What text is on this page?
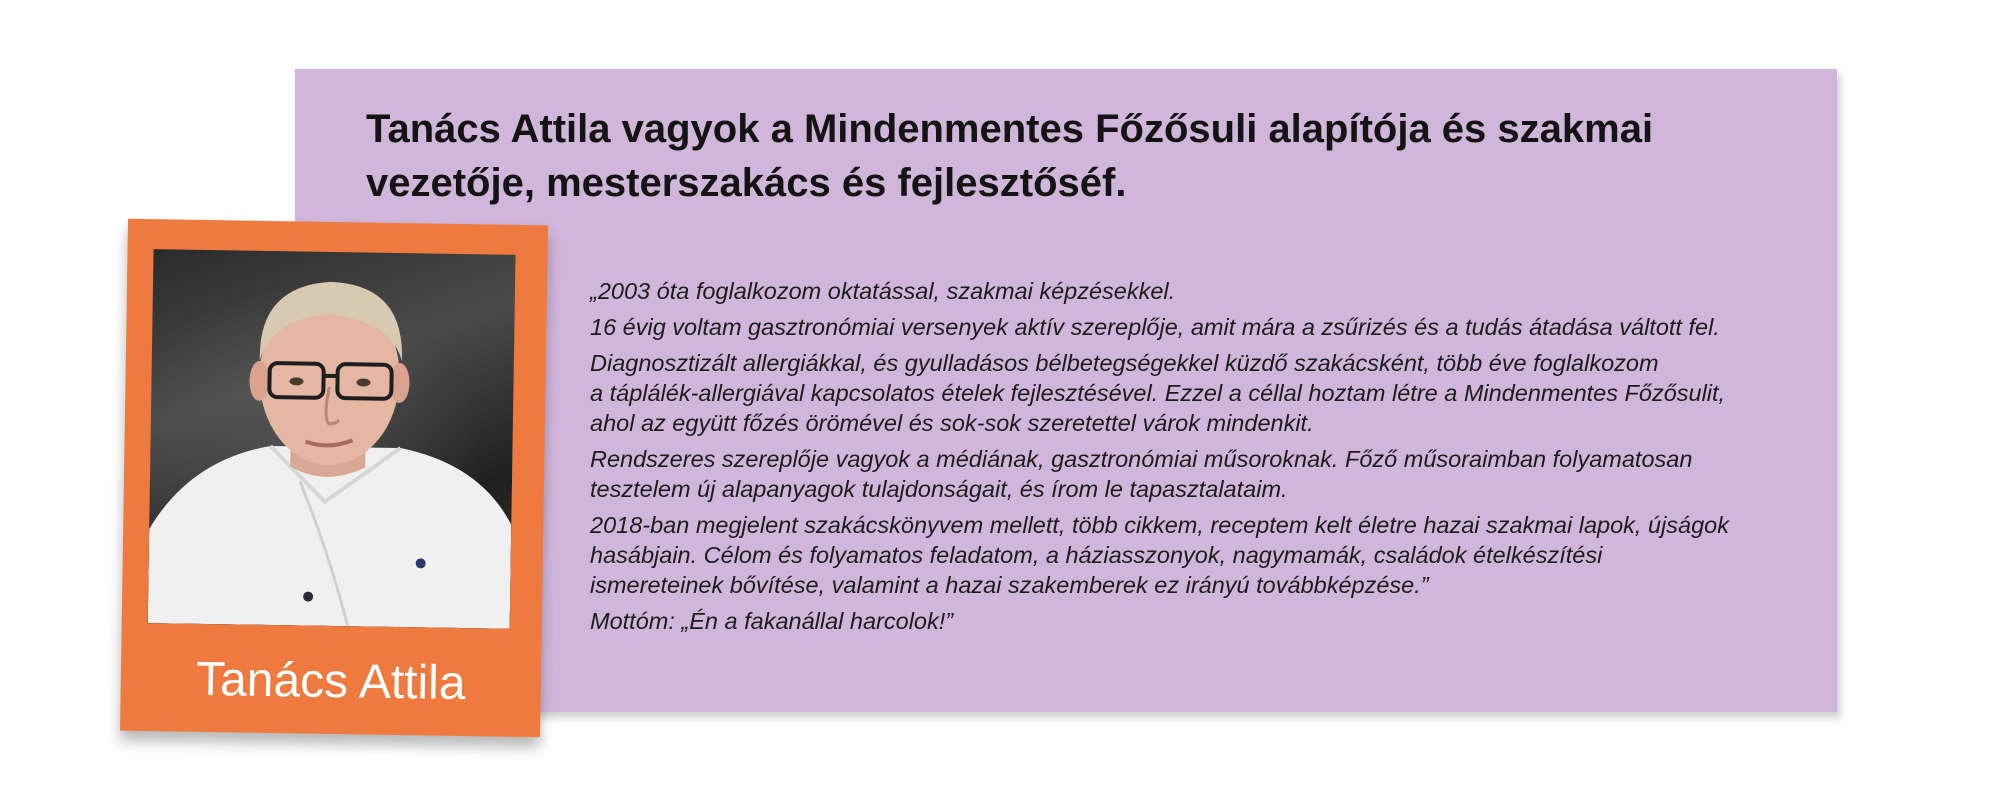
Tanács Attila vagyok a Mindenmentes Főzősuli alapítója és szakmai
vezetője, mesterszakács és fejlesztőséf.

„2003 óta foglalkozom oktatással, szakmai képzésekkel.

16 évig voltam gasztronómiai versenyek aktív szereplője, amit mára a zsűrizés és a tudás átadása váltott fel.

Diagnosztizált allergiákkal, és gyulladásos bélbetegségekkel küzdő szakácsként, több éve foglalkozom
a táplálék-allergiával kapcsolatos ételek fejlesztésével. Ezzel a céllal hoztam létre a Mindenmentes Főzősulit,
ahol az együtt főzés örömével és sok-sok szeretettel várok mindenkit.

Rendszeres szereplője vagyok a médiának, gasztronómiai műsoroknak. Főző műsoraimban folyamatosan
tesztelem új alapanyagok tulajdonságait, és írom le tapasztalataim.

2018-ban megjelent szakácskönyvem mellett, több cikkem, receptem kelt életre hazai szakmai lapok, újságok
hasábjain. Célom és folyamatos feladatom, a háziasszonyok, nagymamák, családok ételkészítési
ismereteinek bővítése, valamint a hazai szakemberek ez irányú továbbképzése.”

Mottóm: „Én a fakanállal harcolok!”

Tanács Attila
